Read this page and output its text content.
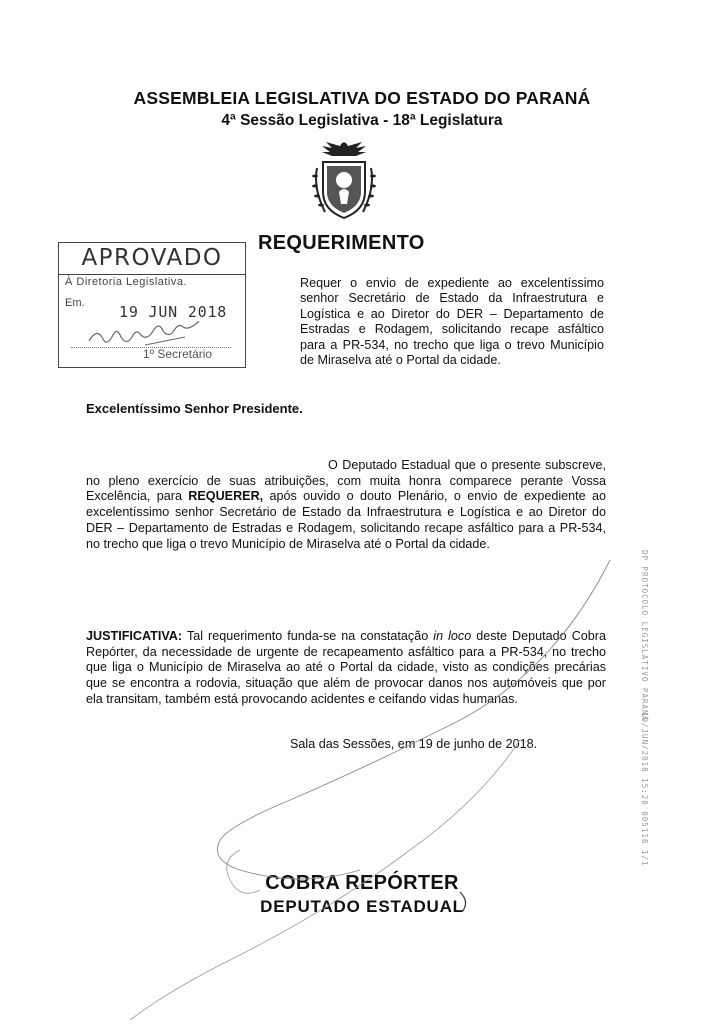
ASSEMBLEIA LEGISLATIVA DO ESTADO DO PARANÁ
4ª Sessão Legislativa - 18ª Legislatura
REQUERIMENTO
APROVADO
À Diretoria Legislativa.
Em. 19 JUN 2018
1º Secretário
Requer o envio de expediente ao excelentíssimo senhor Secretário de Estado da Infraestrutura e Logística e ao Diretor do DER – Departamento de Estradas e Rodagem, solicitando recape asfáltico para a PR-534, no trecho que liga o trevo Município de Miraselva até o Portal da cidade.
Excelentíssimo Senhor Presidente.
O Deputado Estadual que o presente subscreve, no pleno exercício de suas atribuições, com muita honra comparece perante Vossa Excelência, para REQUERER, após ouvido o douto Plenário, o envio de expediente ao excelentíssimo senhor Secretário de Estado da Infraestrutura e Logística e ao Diretor do DER – Departamento de Estradas e Rodagem, solicitando recape asfáltico para a PR-534, no trecho que liga o trevo Município de Miraselva até o Portal da cidade.
JUSTIFICATIVA: Tal requerimento funda-se na constatação in loco deste Deputado Cobra Repórter, da necessidade de urgente de recapeamento asfáltico para a PR-534, no trecho que liga o Município de Miraselva ao até o Portal da cidade, visto as condições precárias que se encontra a rodovia, situação que além de provocar danos nos automóveis que por ela transitam, também está provocando acidentes e ceifando vidas humanas.
Sala das Sessões, em 19 de junho de 2018.
COBRA REPÓRTER
DEPUTADO ESTADUAL
DP PROTOCOLO LEGISLATIVO PARANÁ
19/JUN/2018 15:20 005118 1/1
